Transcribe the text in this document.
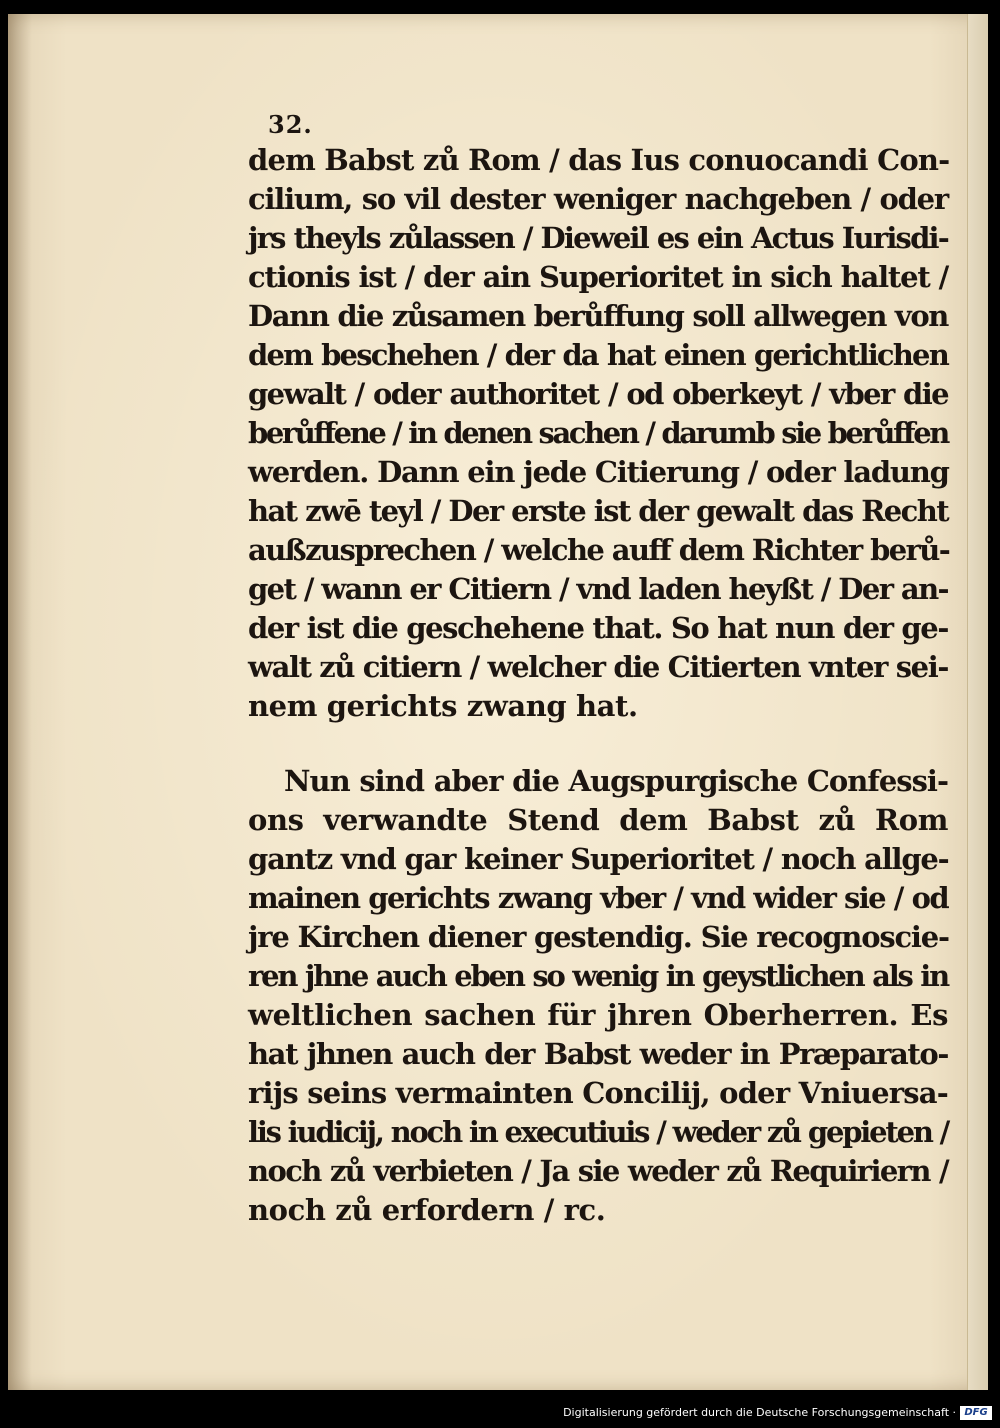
32.
dem Babst zů Rom / das Ius conuocandi Con-
cilium, so vil dester weniger nachgeben / oder
jrs theyls zůlassen / Dieweil es ein Actus Iurisdi-
ctionis ist / der ain Superioritet in sich haltet /
Dann die zůsamen berůffung soll allwegen von
dem beschehen / der da hat einen gerichtlichen
gewalt / oder authoritet / od oberkeyt / vber die
berůffene / in denen sachen / darumb sie berůffen
werden. Dann ein jede Citierung / oder ladung
hat zwē teyl / Der erste ist der gewalt das Recht
außzusprechen / welche auff dem Richter berů-
get / wann er Citiern / vnd laden heyßt / Der an-
der ist die geschehene that. So hat nun der ge-
walt zů citiern / welcher die Citierten vnter sei-
nem gerichts zwang hat.
Nun sind aber die Augspurgische Confessi-
ons verwandte Stend dem Babst zů Rom
gantz vnd gar keiner Superioritet / noch allge-
mainen gerichts zwang vber / vnd wider sie / od
jre Kirchen diener gestendig. Sie recognoscie-
ren jhne auch eben so wenig in geystlichen als in
weltlichen sachen für jhren Oberherren. Es
hat jhnen auch der Babst weder in Præparato-
rijs seins vermainten Concilij, oder Vniuersa-
lis iudicij, noch in executiuis / weder zů gepieten /
noch zů verbieten / Ja sie weder zů Requiriern /
noch zů erfordern / rc.
Digitalisierung gefördert durch die Deutsche Forschungsgemeinschaft · DFG
